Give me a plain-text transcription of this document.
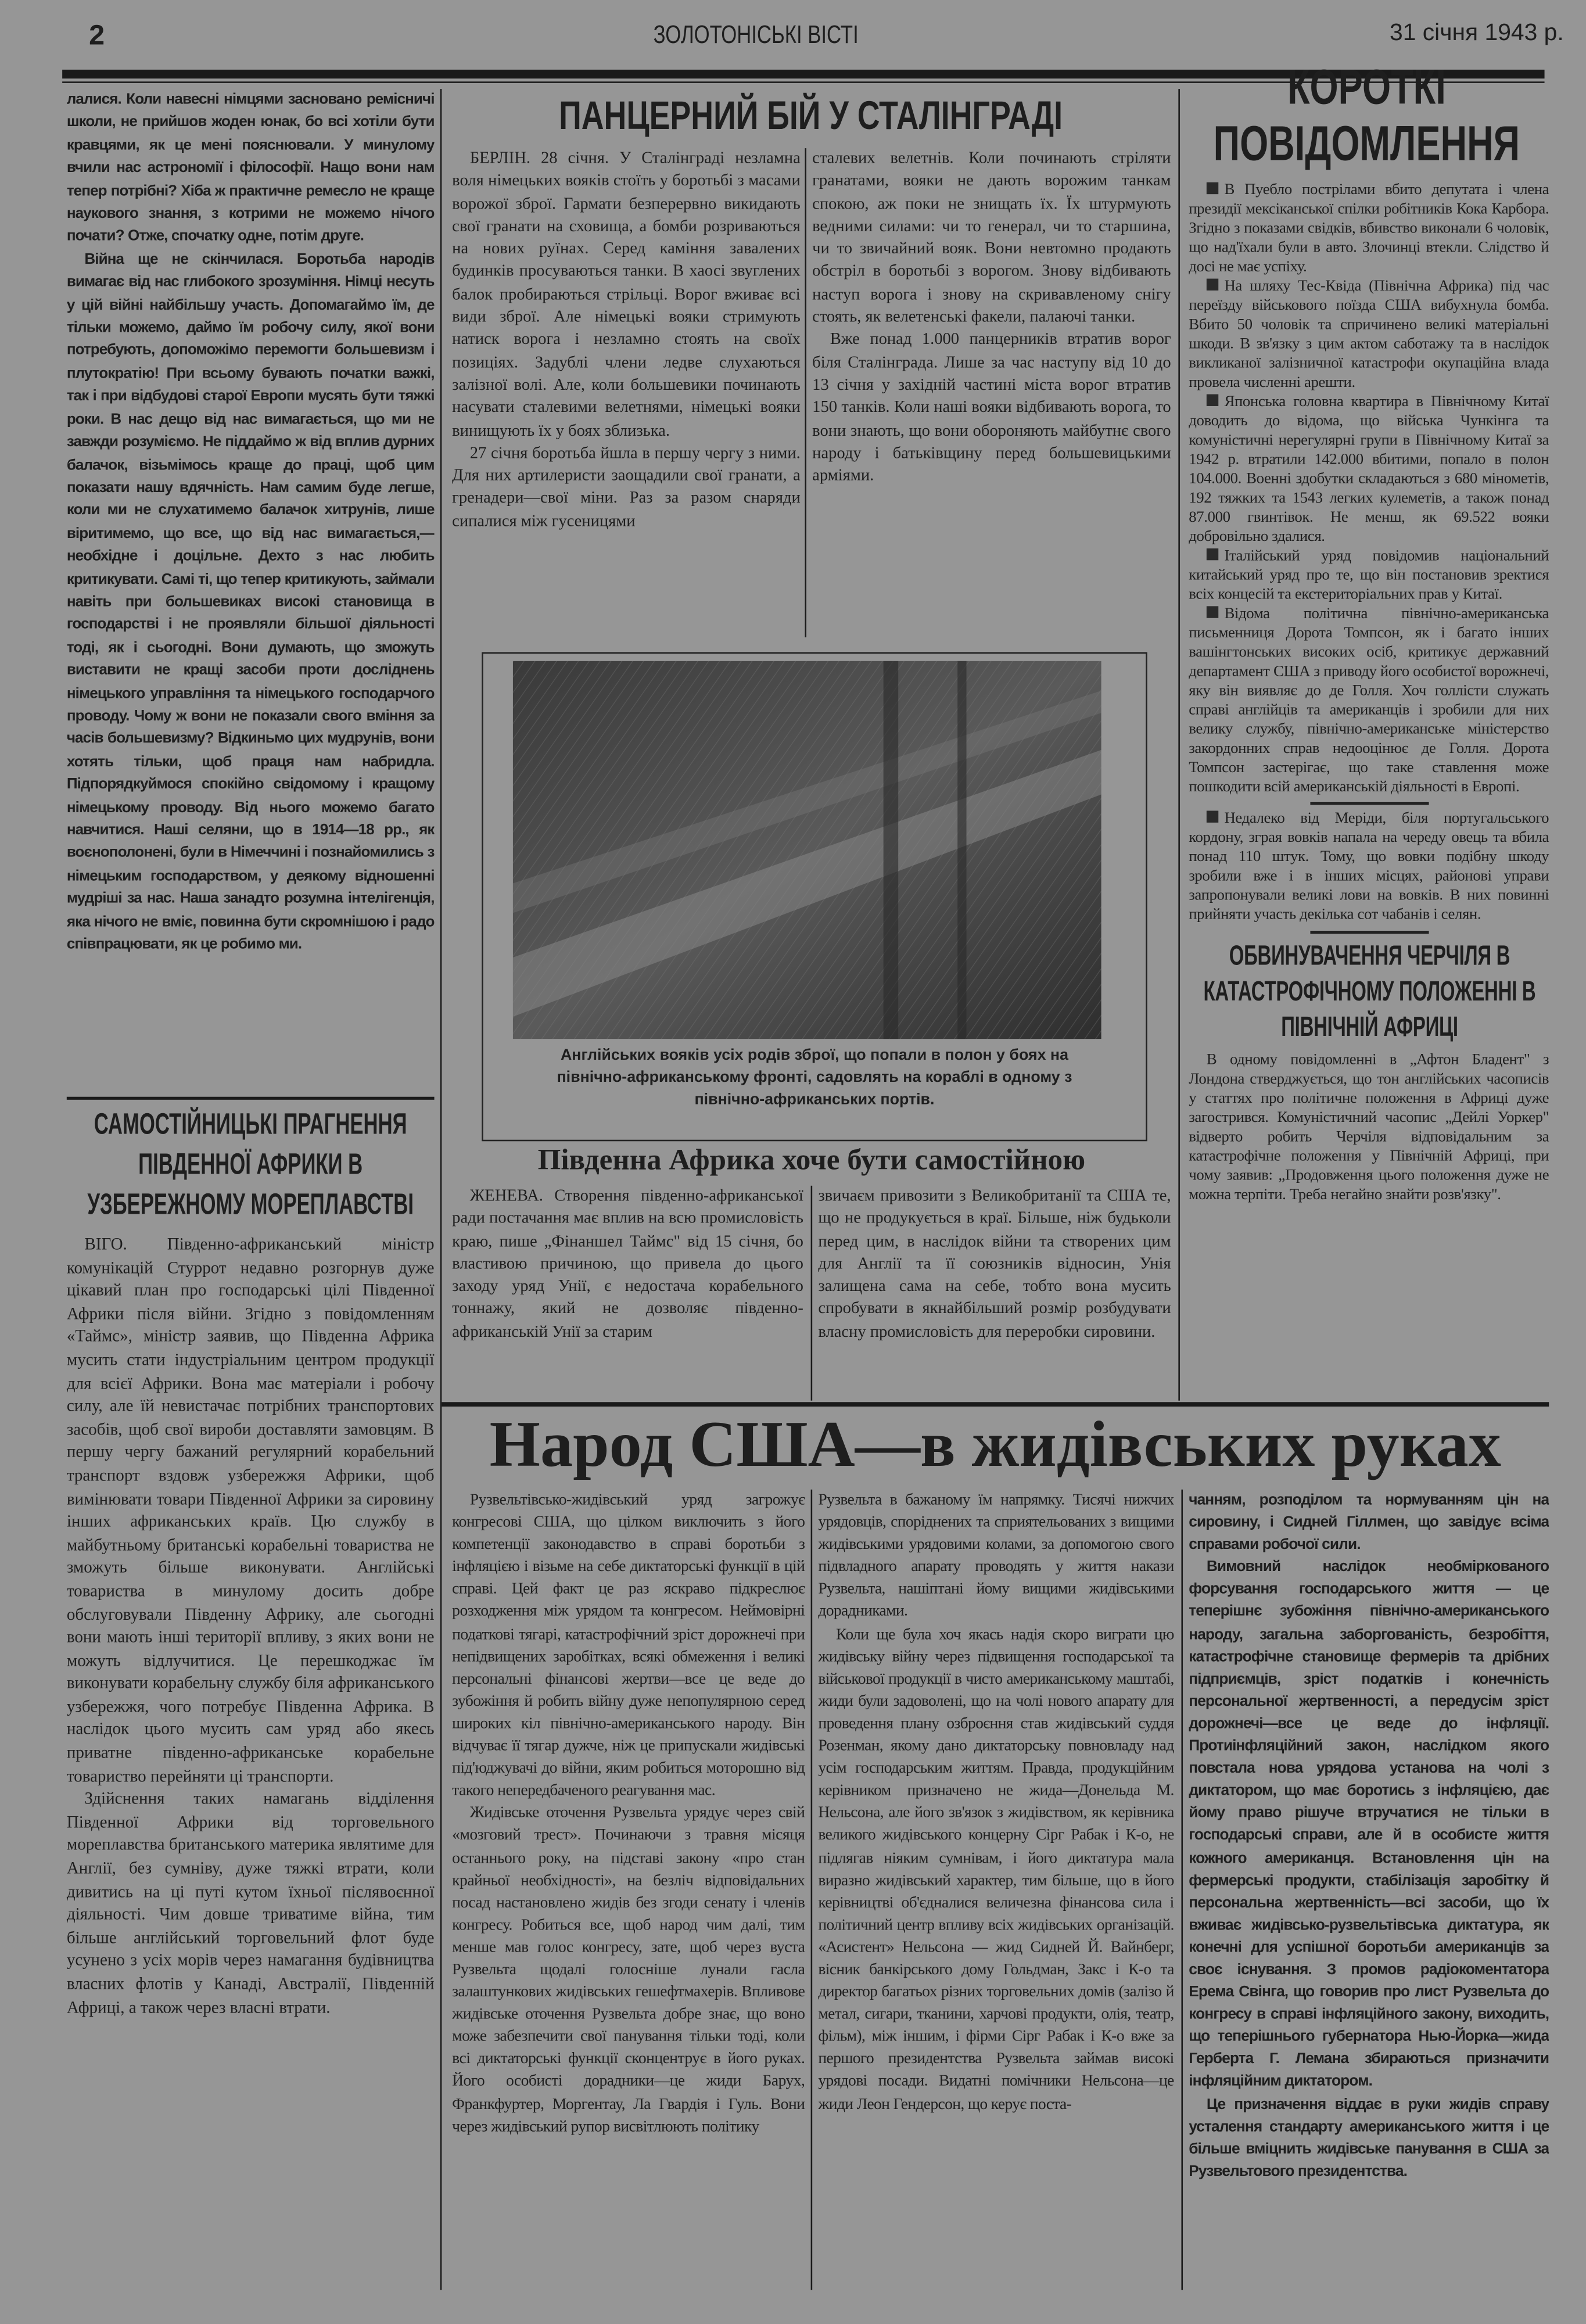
2	ЗОЛОТОНІСЬКІ ВІСТІ	31 січня 1943 р.

лалися. Коли навесні німцями засновано ремісничі школи, не прийшов жоден юнак, бо всі хотіли бути кравцями, як це мені пояснювали. У минулому вчили нас астрономії і філософії. Нащо вони нам тепер потрібні? Хіба ж практичне ремесло не краще наукового знання, з котрими не можемо нічого почати? Отже, спочатку одне, потім друге.

Війна ще не скінчилася. Боротьба народів вимагає від нас глибокого зрозуміння. Німці несуть у цій війні найбільшу участь. Допомагаймо їм, де тільки можемо, даймо їм робочу силу, якої вони потребують, допоможімо перемогти большевизм і плутократію! При всьому бувають початки важкі, так і при відбудові старої Европи мусять бути тяжкі роки. В нас дещо від нас вимагається, що ми не завжди розуміємо. Не піддаймо ж від вплив дурних балачок, візьмімось краще до праці, щоб цим показати нашу вдячність. Нам самим буде легше, коли ми не слухатимемо балачок хитрунів, лише віритимемо, що все, що від нас вимагається,— необхідне і доцільне. Дехто з нас любить критикувати. Самі ті, що тепер критикують, займали навіть при большевиках високі становища в господарстві і не проявляли більшої діяльності тоді, як і сьогодні. Вони думають, що зможуть виставити не кращі засоби проти досліднень німецького управління та німецького господарчого проводу. Чому ж вони не показали свого вміння за часів большевизму? Відкиньмо цих мудрунів, вони хотять тільки, щоб праця нам набридла. Підпорядкуймося спокійно свідомому і кращому німецькому проводу. Від нього можемо багато навчитися. Наші селяни, що в 1914—18 рр., як воєнополонені, були в Німеччині і познайомились з німецьким господарством, у деякому відношенні мудріші за нас. Наша занадто розумна інтелігенція, яка нічого не вміє, повинна бути скромнішою і радо співпрацювати, як це робимо ми.

САМОСТІЙНИЦЬКІ ПРАГНЕННЯ ПІВДЕННОЇ АФРИКИ В УЗБЕРЕЖНОМУ МОРЕПЛАВСТВІ

ВІГО. Південно-африканський міністр комунікацій Стуррот недавно розгорнув дуже цікавий план про господарські цілі Південної Африки після війни. Згідно з повідомленням «Таймс», міністр заявив, що Південна Африка мусить стати індустріальним центром продукції для всієї Африки. Вона має матеріали і робочу силу, але їй невистачає потрібних транспортових засобів, щоб свої вироби доставляти замовцям. В першу чергу бажаний регулярний корабельний транспорт вздовж узбережжя Африки, щоб вимінювати товари Південної Африки за сировину інших африканських країв. Цю службу в майбутньому британські корабельні товариства не зможуть більше виконувати. Англійські товариства в минулому досить добре обслуговували Південну Африку, але сьогодні вони мають інші території впливу, з яких вони не можуть відлучитися. Це перешкоджає їм виконувати корабельну службу біля африканського узбережжя, чого потребує Південна Африка. В наслідок цього мусить сам уряд або якесь приватне південно-африканське корабельне товариство перейняти ці транспорти.

Здійснення таких намагань відділення Південної Африки від торговельного мореплавства британського материка являтиме для Англії, без сумніву, дуже тяжкі втрати, коли дивитись на ці путі кутом їхньої післявоєнної діяльності. Чим довше триватиме війна, тим більше англійський торговельний флот буде усунено з усіх морів через намагання будівництва власних флотів у Канаді, Австралії, Південній Африці, а також через власні втрати.

ПАНЦЕРНИЙ БІЙ У СТАЛІНГРАДІ

БЕРЛІН. 28 січня. У Сталінграді незламна воля німецьких вояків стоїть у боротьбі з масами ворожої зброї. Гармати безперервно викидають свої гранати на сховища, а бомби розриваються на нових руїнах. Серед каміння завалених будинків просуваються танки. В хаосі звуглених балок пробираються стрільці. Ворог вживає всі види зброї. Але німецькі вояки стримують натиск ворога і незламно стоять на своїх позиціях. Задублі члени ледве слухаються залізної волі. Але, коли большевики починають насувати сталевими велетнями, німецькі вояки винищують їх у боях зблизька.

27 січня боротьба йшла в першу чергу з ними. Для них артилеристи заощадили свої гранати, а гренадери—свої міни. Раз за разом снаряди сипалися між гусеницями

сталевих велетнів. Коли починають стріляти гранатами, вояки не дають ворожим танкам спокою, аж поки не знищать їх. Їх штурмують ведними силами: чи то генерал, чи то старшина, чи то звичайний вояк. Вони невтомно продають обстріл в боротьбі з ворогом. Знову відбивають наступ ворога і знову на скривавленому снігу стоять, як велетенські факели, палаючі танки.

Вже понад 1.000 панцерників втратив ворог біля Сталінграда. Лише за час наступу від 10 до 13 січня у західній частині міста ворог втратив 150 танків. Коли наші вояки відбивають ворога, то вони знають, що вони обороняють майбутнє свого народу і батьківщину перед большевицькими арміями.

Англійських вояків усіх родів зброї, що попали в полон у боях на північно-африканському фронті, садовлять на кораблі в одному з північно-африканських портів.
Південна Африка хоче бути самостійною

ЖЕНЕВА. Створення південно-африканської ради постачання має вплив на всю промисловість краю, пише „Фінаншел Таймс" від 15 січня, бо властивою причиною, що привела до цього заходу уряд Унії, є недостача корабельного тоннажу, який не дозволяє південно-африканській Унії за старим

звичаєм привозити з Великобританії та США те, що не продукується в краї. Більше, ніж будьколи перед цим, в наслідок війни та створених цим для Англії та її союзників відносин, Унія залищена сама на себе, тобто вона мусить спробувати в якнайбільший розмір розбудувати власну промисловість для переробки сировини.

КОРОТКІ
ПОВІДОМЛЕННЯ

В Пуебло пострілами вбито депутата і члена президії мексіканської спілки робітників Кока Карбора. Згідно з показами свідків, вбивство виконали 6 чоловік, що над'їхали були в авто. Злочинці втекли. Слідство й досі не має успіху.

На шляху Тес-Квіда (Північна Африка) під час переїзду військового поїзда США вибухнула бомба. Вбито 50 чоловік та спричинено великі матеріальні шкоди. В зв'язку з цим актом саботажу та в наслідок викликаної залізничної катастрофи окупаційна влада провела численні арешти.

Японська головна квартира в Північному Китаї доводить до відома, що війська Чункінга та комуністичні нерегулярні групи в Північному Китаї за 1942 р. втратили 142.000 вбитими, попало в полон 104.000. Военні здобутки складаються з 680 мінометів, 192 тяжких та 1543 легких кулеметів, а також понад 87.000 гвинтівок. Не менш, як 69.522 вояки добровільно здалися.

Італійський уряд повідомив національний китайський уряд про те, що він постановив зректися всіх концесій та екстериторіальних прав у Китаї.

Відома політична північно-американська письменниця Дорота Томпсон, як і багато інших вашінгтонських високих осіб, критикує державний департамент США з приводу його особистої ворожнечі, яку він виявляє до де Голля. Хоч голлісти служать справі англійців та американців і зробили для них велику службу, північно-американське міністерство закордонних справ недооцінює де Голля. Дорота Томпсон застерігає, що таке ставлення може пошкодити всій американській діяльності в Европі.

Недалеко від Меріди, біля португальського кордону, зграя вовків напала на череду овець та вбила понад 110 штук. Тому, що вовки подібну шкоду зробили вже і в інших місцях, районові управи запропонували великі лови на вовків. В них повинні прийняти участь декілька сот чабанів і селян.

ОБВИНУВАЧЕННЯ ЧЕРЧІЛЯ В КАТАСТРОФІЧНОМУ ПОЛОЖЕННІ В ПІВНІЧНІЙ АФРИЦІ

В одному повідомленні в „Афтон Бладент" з Лондона стверджується, що тон англійських часописів у статтях про політичне положення в Африці дуже загострився. Комуністичний часопис „Дейлі Уоркер" відверто робить Черчіля відповідальним за катастрофічне положення у Північній Африці, при чому заявив: „Продовження цього положення дуже не можна терпіти. Треба негайно знайти розв'язку".

Народ США—в жидівських руках

Рузвельтівсько-жидівський уряд загрожує конгресові США, що цілком виключить з його компетенції законодавство в справі боротьби з інфляцією і візьме на себе диктаторські функції в цій справі. Цей факт це раз яскраво підкреслює розходження між урядом та конгресом. Неймовірні податкові тягарі, катастрофічний зріст дорожнечі при непідвищених заробітках, всякі обмеження і великі персональні фінансові жертви—все це веде до зубожіння й робить війну дуже непопулярною серед широких кіл північно-американського народу. Він відчуває її тягар дужче, ніж це припускали жидівські під'юджувачі до війни, яким робиться моторошно від такого непередбаченого реагування мас.

Жидівське оточення Рузвельта урядує через свій «мозговий трест». Починаючи з травня місяця останнього року, на підставі закону «про стан крайньої необхідності», на безліч відповідальних посад настановлено жидів без згоди сенату і членів конгресу. Робиться все, щоб народ чим далі, тим менше мав голос конгресу, зате, щоб через вуста Рузвельта щодалі голосніше лунали гасла залаштункових жидівських гешефтмахерів. Впливове жидівське оточення Рузвельта добре знає, що воно може забезпечити свої панування тільки тоді, коли всі диктаторські функції сконцентрує в його руках. Його особисті дорадники—це жиди Барух, Франкфуртер, Моргентау, Ла Гвардія і Гуль. Вони через жидівський рупор висвітлюють політику

Рузвельта в бажаному їм напрямку. Тисячі нижчих урядовців, споріднених та сприятельованих з вищими жидівськими урядовими колами, за допомогою свого підвладного апарату проводять у життя накази Рузвельта, нашіптані йому вищими жидівськими дорадниками.

Коли ще була хоч якась надія скоро виграти цю жидівську війну через підвищення господарської та військової продукції в чисто американському маштабі, жиди були задоволені, що на чолі нового апарату для проведення плану озброєння став жидівський суддя Розенман, якому дано диктаторську повновладу над усім господарським життям. Правда, продукційним керівником призначено не жида—Донельда М. Нельсона, але його зв'язок з жидівством, як керівника великого жидівського концерну Сірг Рабак і К-о, не підлягав ніяким сумнівам, і його диктатура мала виразно жидівський характер, тим більше, що в його керівництві об'єдналися величезна фінансова сила і політичний центр впливу всіх жидівських організацій. «Асистент» Нельсона — жид Сидней Й. Вайнберг, вісник банкірського дому Гольдман, Закс і К-о та директор багатьох різних торговельних домів (залізо й метал, сигари, тканини, харчові продукти, олія, театр, фільм), між іншим, і фірми Сірг Рабак і К-о вже за першого президентства Рузвельта займав високі урядові посади. Видатні помічники Нельсона—це жиди Леон Гендерсон, що керує поста-

чанням, розподілом та нормуванням цін на сировину, і Сидней Гіллмен, що завідує всіма справами робочої сили.

Вимовний наслідок необміркованого форсування господарського життя — це теперішнє зубожіння північно-американського народу, загальна заборгованість, безробіття, катастрофічне становище фермерів та дрібних підприємців, зріст податків і конечність персональної жертвенності, а передусім зріст дорожнечі—все це веде до інфляції. Протиінфляційний закон, наслідком якого повстала нова урядова установа на чолі з диктатором, що має боротись з інфляцією, дає йому право рішуче втручатися не тільки в господарські справи, але й в особисте життя кожного американця. Встановлення цін на фермерські продукти, стабілізація заробітку й персональна жертвенність—всі засоби, що їх вживає жидівсько-рузвельтівська диктатура, як конечні для успішної боротьби американців за своє існування. З промов радіокоментатора Ерема Свінга, що говорив про лист Рузвельта до конгресу в справі інфляційного закону, виходить, що теперішнього губернатора Нью-Йорка—жида Герберта Г. Лемана збираються призначити інфляційним диктатором.

Це призначення віддає в руки жидів справу усталення стандарту американського життя і це більше вміцнить жидівське панування в США за Рузвельтового президентства.
